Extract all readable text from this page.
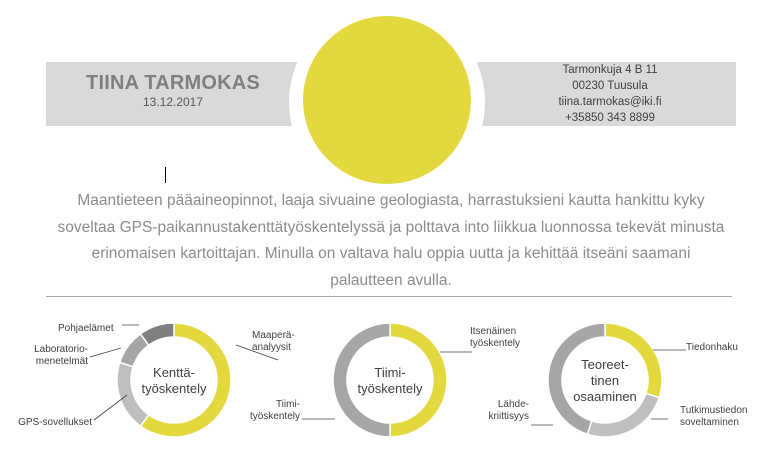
TIINA TARMOKAS
13.12.2017
Tarmonkuja 4 B 11
00230 Tuusula
tiina.tarmokas@iki.fi
+35850 343 8899
Maantieteen pääaineopinnot, laaja sivuaine geologiasta, harrastuksieni kautta hankittu kyky
soveltaa GPS-paikannustakenttätyöskentelyssä ja polttava into liikkua luonnossa tekevät minusta
erinomaisen kartoittajan. Minulla on valtava halu oppia uutta ja kehittää itseäni saamani
palautteen avulla.
Maaperä-
analyysit
GPS-sovellukset
Laboratorio-
menetelmät
Pohjaelämet
Kenttä-
työskentely
Itsenäinen
työskentely
Tiimi-
työskentely
Tiimi-
työskentely
Tiedonhaku
Tutkimustiedon
soveltaminen
Lähde-
kriittisyys
Teoreet-
tinen
osaaminen
